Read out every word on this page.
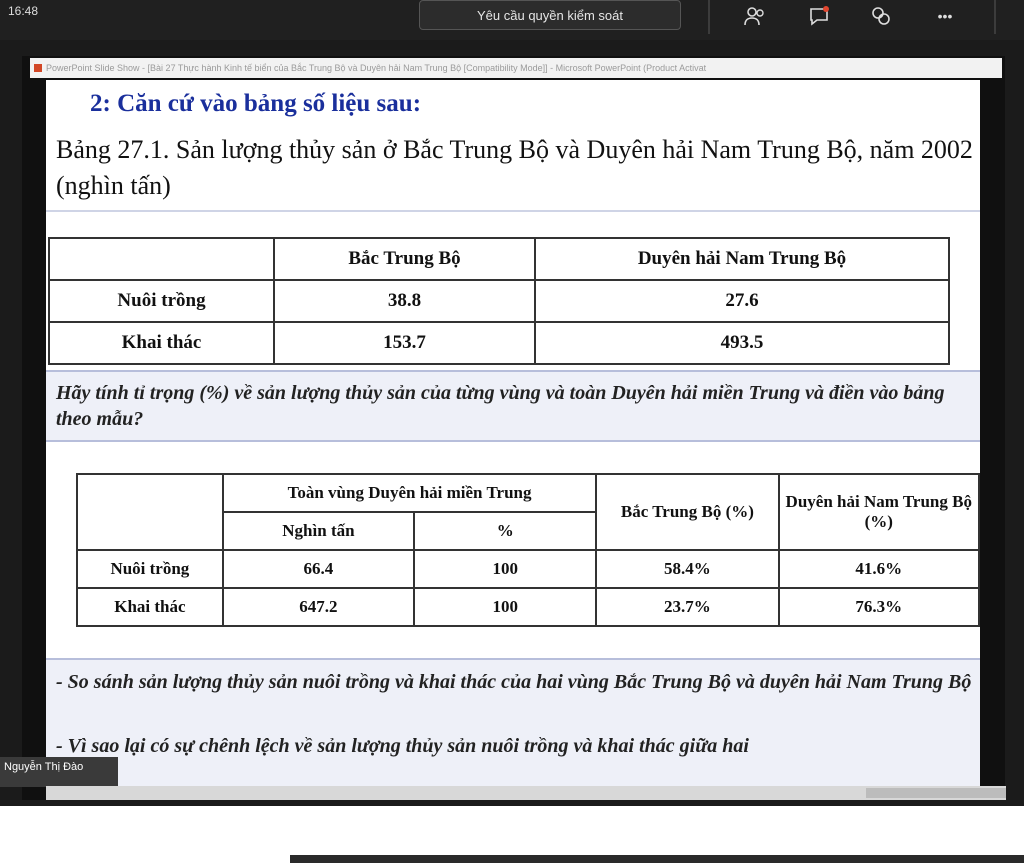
16:48	Yêu cầu quyền kiểm soát	•••
PowerPoint Slide Show - [Bài 27 Thực hành Kinh tế biển của Bắc Trung Bộ và Duyên hải Nam Trung Bộ [Compatibility Mode]] - Microsoft PowerPoint (Product Activat
2: Căn cứ vào bảng số liệu sau:
Bảng 27.1. Sản lượng thủy sản ở Bắc Trung Bộ và Duyên hải Nam Trung Bộ, năm 2002 (nghìn tấn)
	Bắc Trung Bộ	Duyên hải Nam Trung Bộ
Nuôi trồng	38.8	27.6
Khai thác	153.7	493.5
Hãy tính tỉ trọng (%) về sản lượng thủy sản của từng vùng và toàn Duyên hải miền Trung và điền vào bảng theo mẫu?
	Toàn vùng Duyên hải miền Trung		Bắc Trung Bộ (%)	Duyên hải Nam Trung Bộ (%)
	Nghìn tấn	%		
Nuôi trồng	66.4	100	58.4%	41.6%
Khai thác	647.2	100	23.7%	76.3%
- So sánh sản lượng thủy sản nuôi trồng và khai thác của hai vùng Bắc Trung Bộ và duyên hải Nam Trung Bộ
- Vì sao lại có sự chênh lệch về sản lượng thủy sản nuôi trồng và khai thác giữa hai
Nguyễn Thị Đào
